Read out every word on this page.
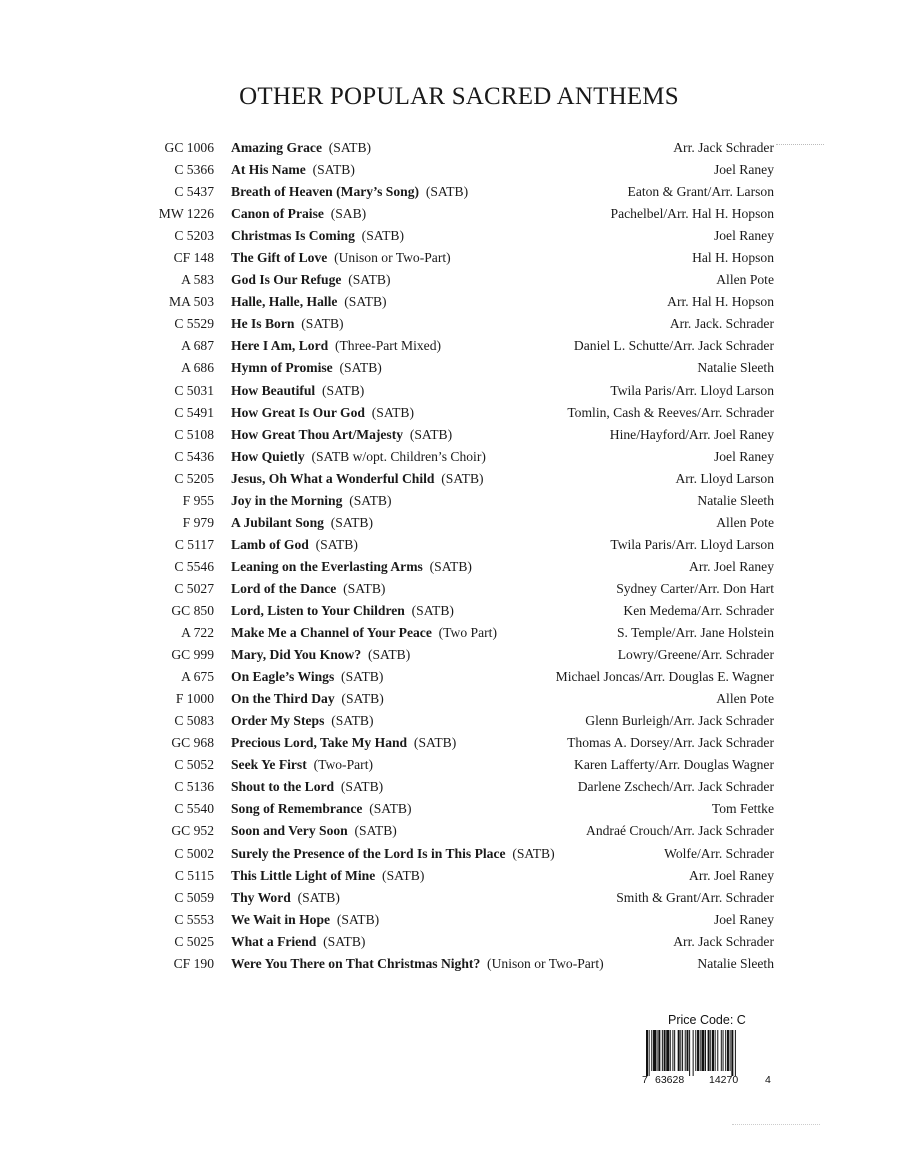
OTHER POPULAR SACRED ANTHEMS
GC 1006 Amazing Grace  (SATB)	Arr. Jack Schrader
C 5366 At His Name  (SATB)	Joel Raney
C 5437 Breath of Heaven (Mary’s Song)  (SATB)	Eaton & Grant/Arr. Larson
MW 1226 Canon of Praise  (SAB)	Pachelbel/Arr. Hal H. Hopson
C 5203 Christmas Is Coming  (SATB)	Joel Raney
CF 148 The Gift of Love  (Unison or Two-Part)	Hal H. Hopson
A 583 God Is Our Refuge  (SATB)	Allen Pote
MA 503 Halle, Halle, Halle  (SATB)	Arr. Hal H. Hopson
C 5529 He Is Born  (SATB)	Arr. Jack. Schrader
A 687 Here I Am, Lord  (Three-Part Mixed)	Daniel L. Schutte/Arr. Jack Schrader
A 686 Hymn of Promise  (SATB)	Natalie Sleeth
C 5031 How Beautiful  (SATB)	Twila Paris/Arr. Lloyd Larson
C 5491 How Great Is Our God  (SATB)	Tomlin, Cash & Reeves/Arr. Schrader
C 5108 How Great Thou Art/Majesty  (SATB)	Hine/Hayford/Arr. Joel Raney
C 5436 How Quietly  (SATB w/opt. Children’s Choir)	Joel Raney
C 5205 Jesus, Oh What a Wonderful Child  (SATB)	Arr. Lloyd Larson
F 955 Joy in the Morning  (SATB)	Natalie Sleeth
F 979 A Jubilant Song  (SATB)	Allen Pote
C 5117 Lamb of God  (SATB)	Twila Paris/Arr. Lloyd Larson
C 5546 Leaning on the Everlasting Arms  (SATB)	Arr. Joel Raney
C 5027 Lord of the Dance  (SATB)	Sydney Carter/Arr. Don Hart
GC 850 Lord, Listen to Your Children  (SATB)	Ken Medema/Arr. Schrader
A 722 Make Me a Channel of Your Peace  (Two Part)	S. Temple/Arr. Jane Holstein
GC 999 Mary, Did You Know?  (SATB)	Lowry/Greene/Arr. Schrader
A 675 On Eagle’s Wings  (SATB)	Michael Joncas/Arr. Douglas E. Wagner
F 1000 On the Third Day  (SATB)	Allen Pote
C 5083 Order My Steps  (SATB)	Glenn Burleigh/Arr. Jack Schrader
GC 968 Precious Lord, Take My Hand  (SATB)	Thomas A. Dorsey/Arr. Jack Schrader
C 5052 Seek Ye First  (Two-Part)	Karen Lafferty/Arr. Douglas Wagner
C 5136 Shout to the Lord  (SATB)	Darlene Zschech/Arr. Jack Schrader
C 5540 Song of Remembrance  (SATB)	Tom Fettke
GC 952 Soon and Very Soon  (SATB)	Andraé Crouch/Arr. Jack Schrader
C 5002 Surely the Presence of the Lord Is in This Place  (SATB)	Wolfe/Arr. Schrader
C 5115 This Little Light of Mine  (SATB)	Arr. Joel Raney
C 5059 Thy Word  (SATB)	Smith & Grant/Arr. Schrader
C 5553 We Wait in Hope  (SATB)	Joel Raney
C 5025 What a Friend  (SATB)	Arr. Jack Schrader
CF 190 Were You There on That Christmas Night?  (Unison or Two-Part)	Natalie Sleeth
Price Code: C
7 63628 14270	4
